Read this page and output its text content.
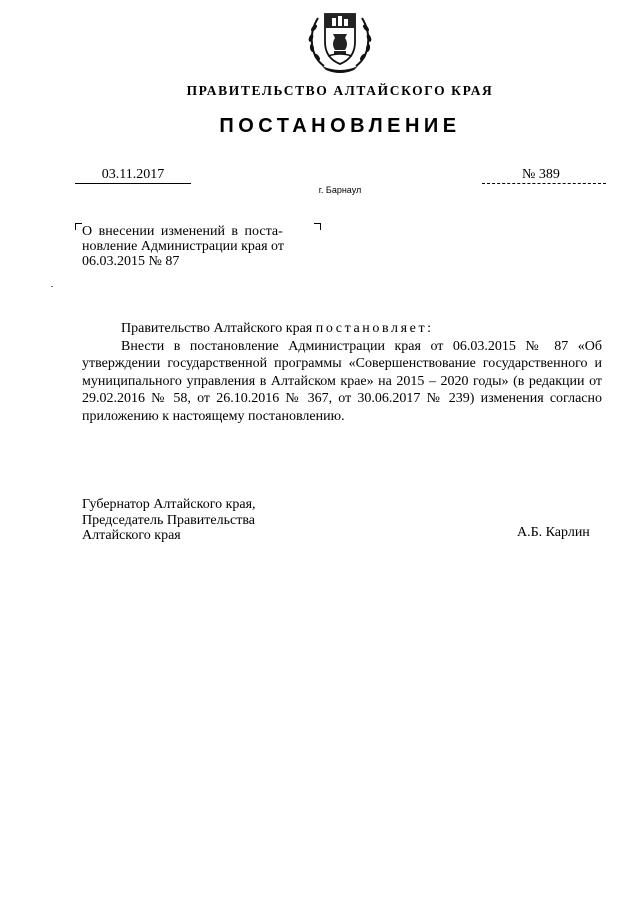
ПРАВИТЕЛЬСТВО АЛТАЙСКОГО КРАЯ
ПОСТАНОВЛЕНИЕ
03.11.2017	№ 389
г. Барнаул
О внесении изменений в поста-
новление Администрации края от
06.03.2015 № 87

Правительство Алтайского края постановляет:

Внести в постановление Администрации края от 06.03.2015 № 87 «Об утверждении государственной программы «Совершенствование государственного и муниципального управления в Алтайском крае» на 2015 – 2020 годы» (в редакции от 29.02.2016 № 58, от 26.10.2016 № 367, от 30.06.2017 № 239) изменения согласно приложению к настоящему постановлению.

Губернатор Алтайского края,
Председатель Правительства
Алтайского края	А.Б. Карлин
